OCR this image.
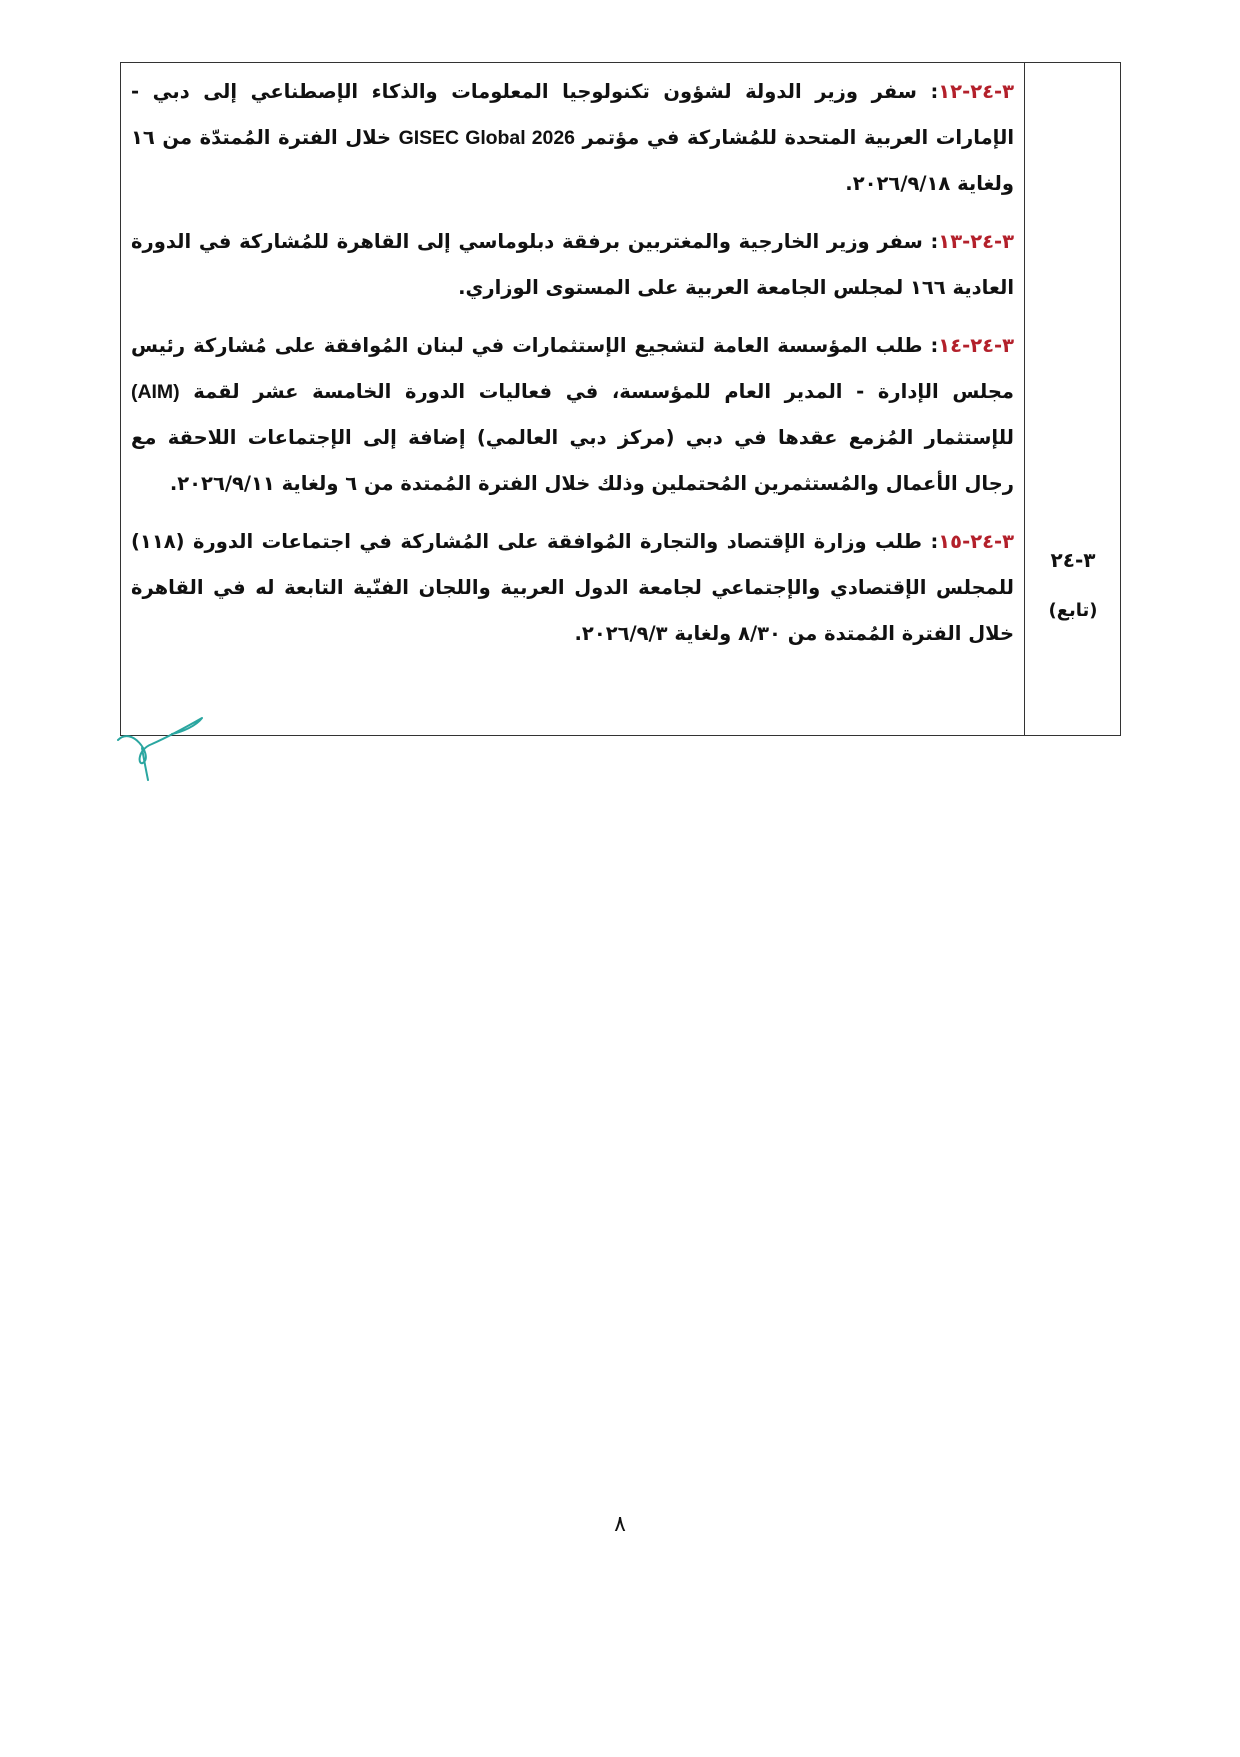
٣-٢٤-١٢: سفر وزير الدولة لشؤون تكنولوجيا المعلومات والذكاء الإصطناعي إلى دبي - الإمارات العربية المتحدة للمُشاركة في مؤتمر GISEC Global 2026 خلال الفترة المُمتدّة من ١٦ ولغاية ٢٠٢٦/٩/١٨.

٣-٢٤-١٣: سفر وزير الخارجية والمغتربين برفقة دبلوماسي إلى القاهرة للمُشاركة في الدورة العادية ١٦٦ لمجلس الجامعة العربية على المستوى الوزاري.

٣-٢٤-١٤: طلب المؤسسة العامة لتشجيع الإستثمارات في لبنان المُوافقة على مُشاركة رئيس مجلس الإدارة - المدير العام للمؤسسة، في فعاليات الدورة الخامسة عشر لقمة (AIM) للإستثمار المُزمع عقدها في دبي (مركز دبي العالمي) إضافة إلى الإجتماعات اللاحقة مع رجال الأعمال والمُستثمرين المُحتملين وذلك خلال الفترة المُمتدة من ٦ ولغاية ٢٠٢٦/٩/١١.

٣-٢٤-١٥: طلب وزارة الإقتصاد والتجارة المُوافقة على المُشاركة في اجتماعات الدورة (١١٨) للمجلس الإقتصادي والإجتماعي لجامعة الدول العربية واللجان الفنّية التابعة له في القاهرة خلال الفترة المُمتدة من ٨/٣٠ ولغاية ٢٠٢٦/٩/٣.

٣-٢٤
(تابع)
٨
